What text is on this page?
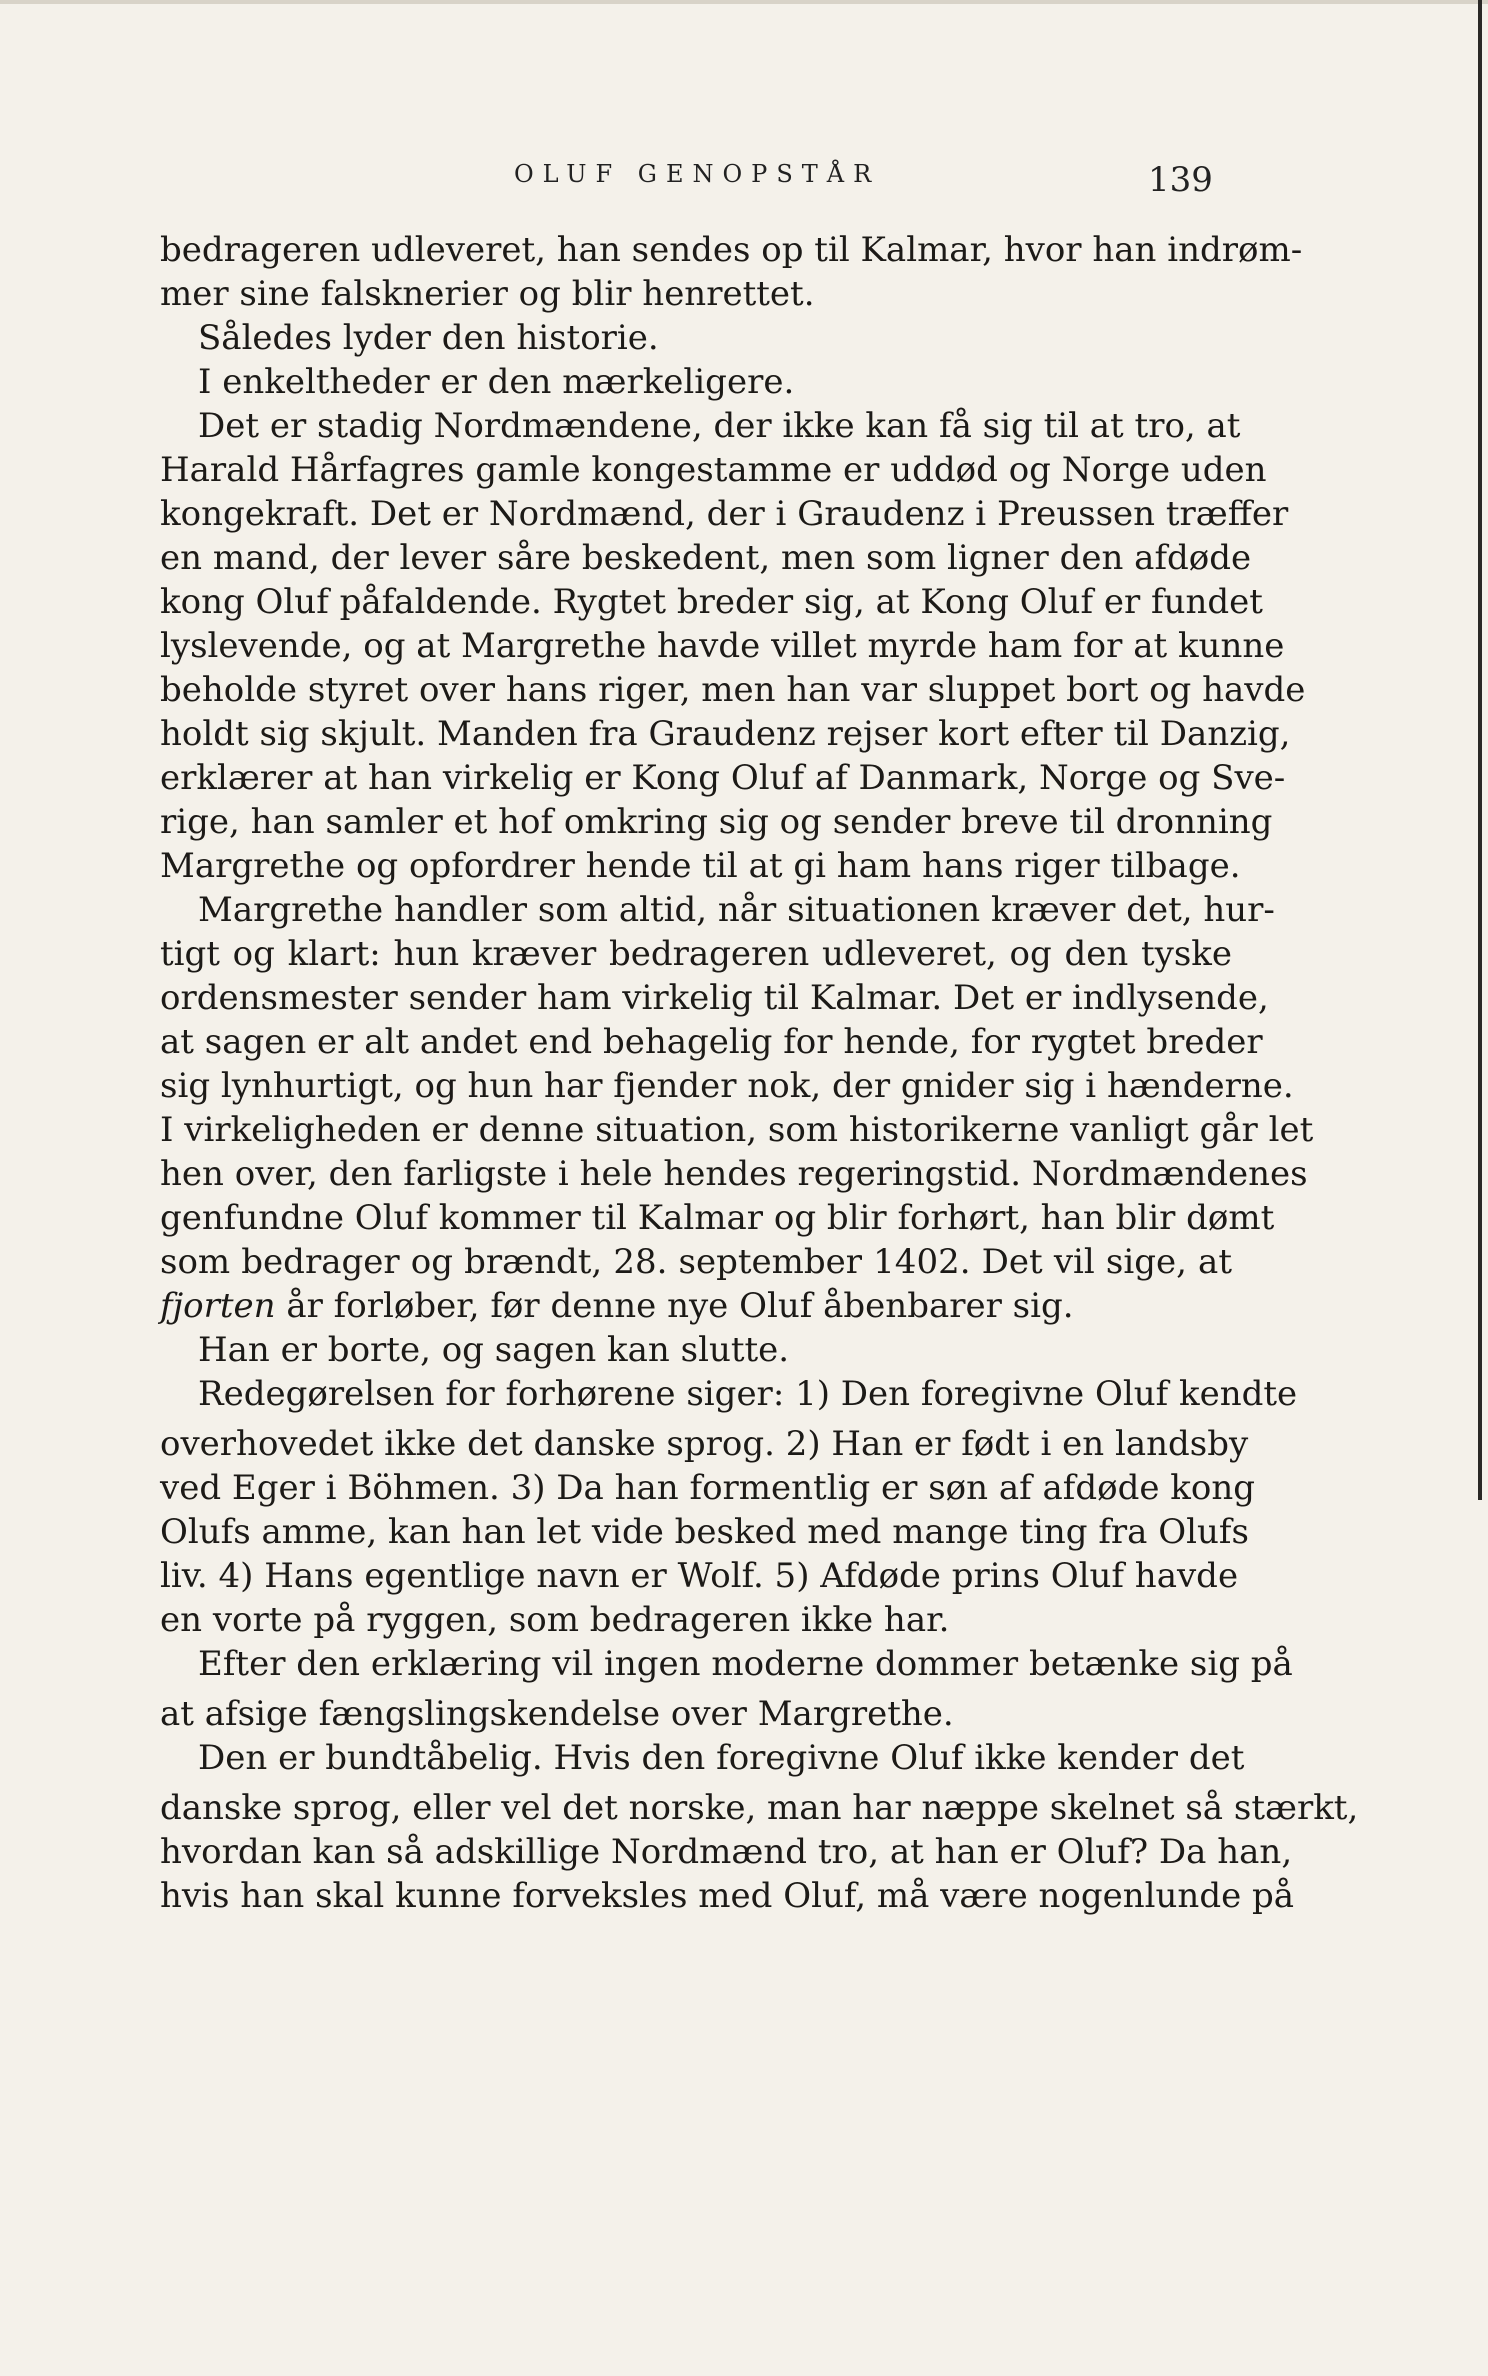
OLUF GENOPSTÅR	139
bedrageren udleveret, han sendes op til Kalmar, hvor han indrøm-
mer sine falsknerier og blir henrettet.
Således lyder den historie.
I enkeltheder er den mærkeligere.
Det er stadig Nordmændene, der ikke kan få sig til at tro, at
Harald Hårfagres gamle kongestamme er uddød og Norge uden
kongekraft. Det er Nordmænd, der i Graudenz i Preussen træffer
en mand, der lever såre beskedent, men som ligner den afdøde
kong Oluf påfaldende. Rygtet breder sig, at Kong Oluf er fundet
lyslevende, og at Margrethe havde villet myrde ham for at kunne
beholde styret over hans riger, men han var sluppet bort og havde
holdt sig skjult. Manden fra Graudenz rejser kort efter til Danzig,
erklærer at han virkelig er Kong Oluf af Danmark, Norge og Sve-
rige, han samler et hof omkring sig og sender breve til dronning
Margrethe og opfordrer hende til at gi ham hans riger tilbage.
Margrethe handler som altid, når situationen kræver det, hur-
tigt og klart: hun kræver bedrageren udleveret, og den tyske
ordensmester sender ham virkelig til Kalmar. Det er indlysende,
at sagen er alt andet end behagelig for hende, for rygtet breder
sig lynhurtigt, og hun har fjender nok, der gnider sig i hænderne.
I virkeligheden er denne situation, som historikerne vanligt går let
hen over, den farligste i hele hendes regeringstid. Nordmændenes
genfundne Oluf kommer til Kalmar og blir forhørt, han blir dømt
som bedrager og brændt, 28. september 1402. Det vil sige, at
fjorten år forløber, før denne nye Oluf åbenbarer sig.
Han er borte, og sagen kan slutte.
Redegørelsen for forhørene siger: 1) Den foregivne Oluf kendte
overhovedet ikke det danske sprog. 2) Han er født i en landsby
ved Eger i Böhmen. 3) Da han formentlig er søn af afdøde kong
Olufs amme, kan han let vide besked med mange ting fra Olufs
liv. 4) Hans egentlige navn er Wolf. 5) Afdøde prins Oluf havde
en vorte på ryggen, som bedrageren ikke har.
Efter den erklæring vil ingen moderne dommer betænke sig på
at afsige fængslingskendelse over Margrethe.
Den er bundtåbelig. Hvis den foregivne Oluf ikke kender det
danske sprog, eller vel det norske, man har næppe skelnet så stærkt,
hvordan kan så adskillige Nordmænd tro, at han er Oluf? Da han,
hvis han skal kunne forveksles med Oluf, må være nogenlunde på
